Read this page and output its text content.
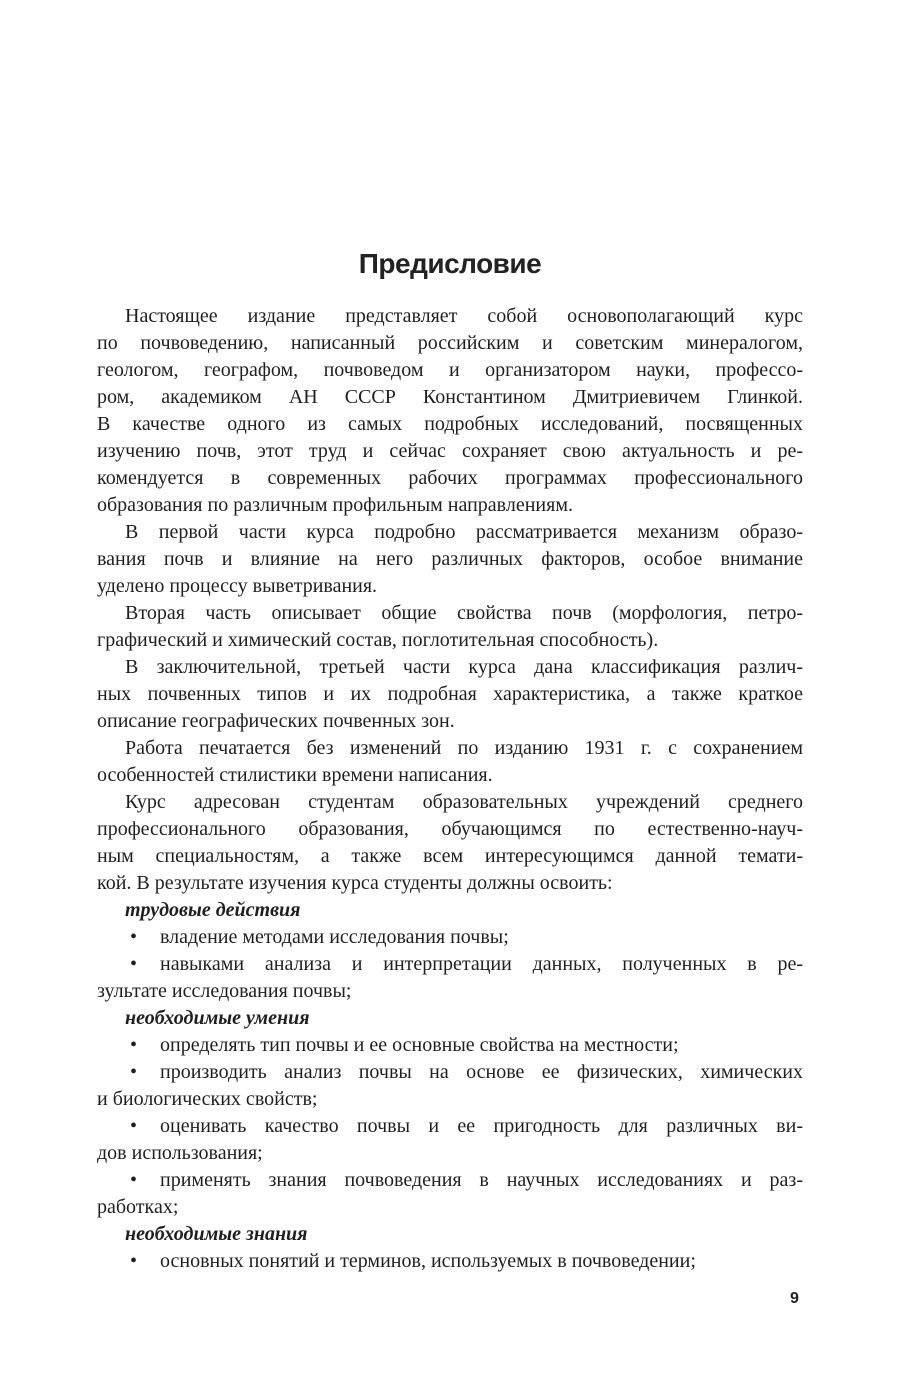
Предисловие
Настоящее издание представляет собой основополагающий курс
по почвоведению, написанный российским и советским минералогом,
геологом, географом, почвоведом и организатором науки, профессо-
ром, академиком АН СССР Константином Дмитриевичем Глинкой.
В качестве одного из самых подробных исследований, посвященных
изучению почв, этот труд и сейчас сохраняет свою актуальность и ре-
комендуется в современных рабочих программах профессионального
образования по различным профильным направлениям.
В первой части курса подробно рассматривается механизм образо-
вания почв и влияние на него различных факторов, особое внимание
уделено процессу выветривания.
Вторая часть описывает общие свойства почв (морфология, петро-
графический и химический состав, поглотительная способность).
В заключительной, третьей части курса дана классификация различ-
ных почвенных типов и их подробная характеристика, а также краткое
описание географических почвенных зон.
Работа печатается без изменений по изданию 1931 г. с сохранением
особенностей стилистики времени написания.
Курс адресован студентам образовательных учреждений среднего
профессионального образования, обучающимся по естественно-науч-
ным специальностям, а также всем интересующимся данной темати-
кой. В результате изучения курса студенты должны освоить:
трудовые действия
•	владение методами исследования почвы;
•	навыками анализа и интерпретации данных, полученных в ре-
зультате исследования почвы;
необходимые умения
•	определять тип почвы и ее основные свойства на местности;
•	производить анализ почвы на основе ее физических, химических
и биологических свойств;
•	оценивать качество почвы и ее пригодность для различных ви-
дов использования;
•	применять знания почвоведения в научных исследованиях и раз-
работках;
необходимые знания
•	основных понятий и терминов, используемых в почвоведении;
9
